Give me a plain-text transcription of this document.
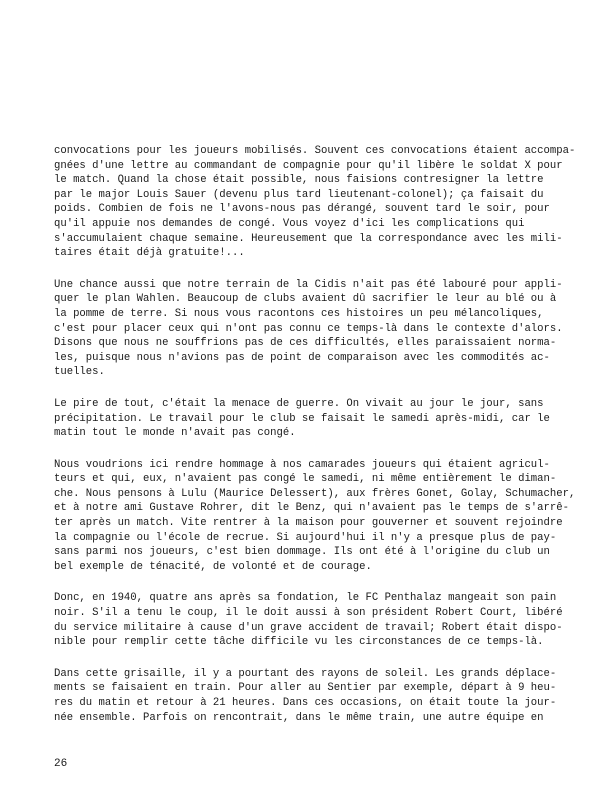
convocations pour les joueurs mobilisés. Souvent ces convocations étaient accompa-
gnées d'une lettre au commandant de compagnie pour qu'il libère le soldat X pour
le match. Quand la chose était possible, nous faisions contresigner la lettre
par le major Louis Sauer (devenu plus tard lieutenant-colonel); ça faisait du
poids. Combien de fois ne l'avons-nous pas dérangé, souvent tard le soir, pour
qu'il appuie nos demandes de congé. Vous voyez d'ici les complications qui
s'accumulaient chaque semaine. Heureusement que la correspondance avec les mili-
taires était déjà gratuite!...

Une chance aussi que notre terrain de la Cidis n'ait pas été labouré pour appli-
quer le plan Wahlen. Beaucoup de clubs avaient dû sacrifier le leur au blé ou à
la pomme de terre. Si nous vous racontons ces histoires un peu mélancoliques,
c'est pour placer ceux qui n'ont pas connu ce temps-là dans le contexte d'alors.
Disons que nous ne souffrions pas de ces difficultés, elles paraissaient norma-
les, puisque nous n'avions pas de point de comparaison avec les commodités ac-
tuelles.

Le pire de tout, c'était la menace de guerre. On vivait au jour le jour, sans
précipitation. Le travail pour le club se faisait le samedi après-midi, car le
matin tout le monde n'avait pas congé.

Nous voudrions ici rendre hommage à nos camarades joueurs qui étaient agricul-
teurs et qui, eux, n'avaient pas congé le samedi, ni même entièrement le diman-
che. Nous pensons à Lulu (Maurice Delessert), aux frères Gonet, Golay, Schumacher,
et à notre ami Gustave Rohrer, dit le Benz, qui n'avaient pas le temps de s'arrê-
ter après un match. Vite rentrer à la maison pour gouverner et souvent rejoindre
la compagnie ou l'école de recrue. Si aujourd'hui il n'y a presque plus de pay-
sans parmi nos joueurs, c'est bien dommage. Ils ont été à l'origine du club un
bel exemple de ténacité, de volonté et de courage.

Donc, en 1940, quatre ans après sa fondation, le FC Penthalaz mangeait son pain
noir. S'il a tenu le coup, il le doit aussi à son président Robert Court, libéré
du service militaire à cause d'un grave accident de travail; Robert était dispo-
nible pour remplir cette tâche difficile vu les circonstances de ce temps-là.

Dans cette grisaille, il y a pourtant des rayons de soleil. Les grands déplace-
ments se faisaient en train. Pour aller au Sentier par exemple, départ à 9 heu-
res du matin et retour à 21 heures. Dans ces occasions, on était toute la jour-
née ensemble. Parfois on rencontrait, dans le même train, une autre équipe en

26
